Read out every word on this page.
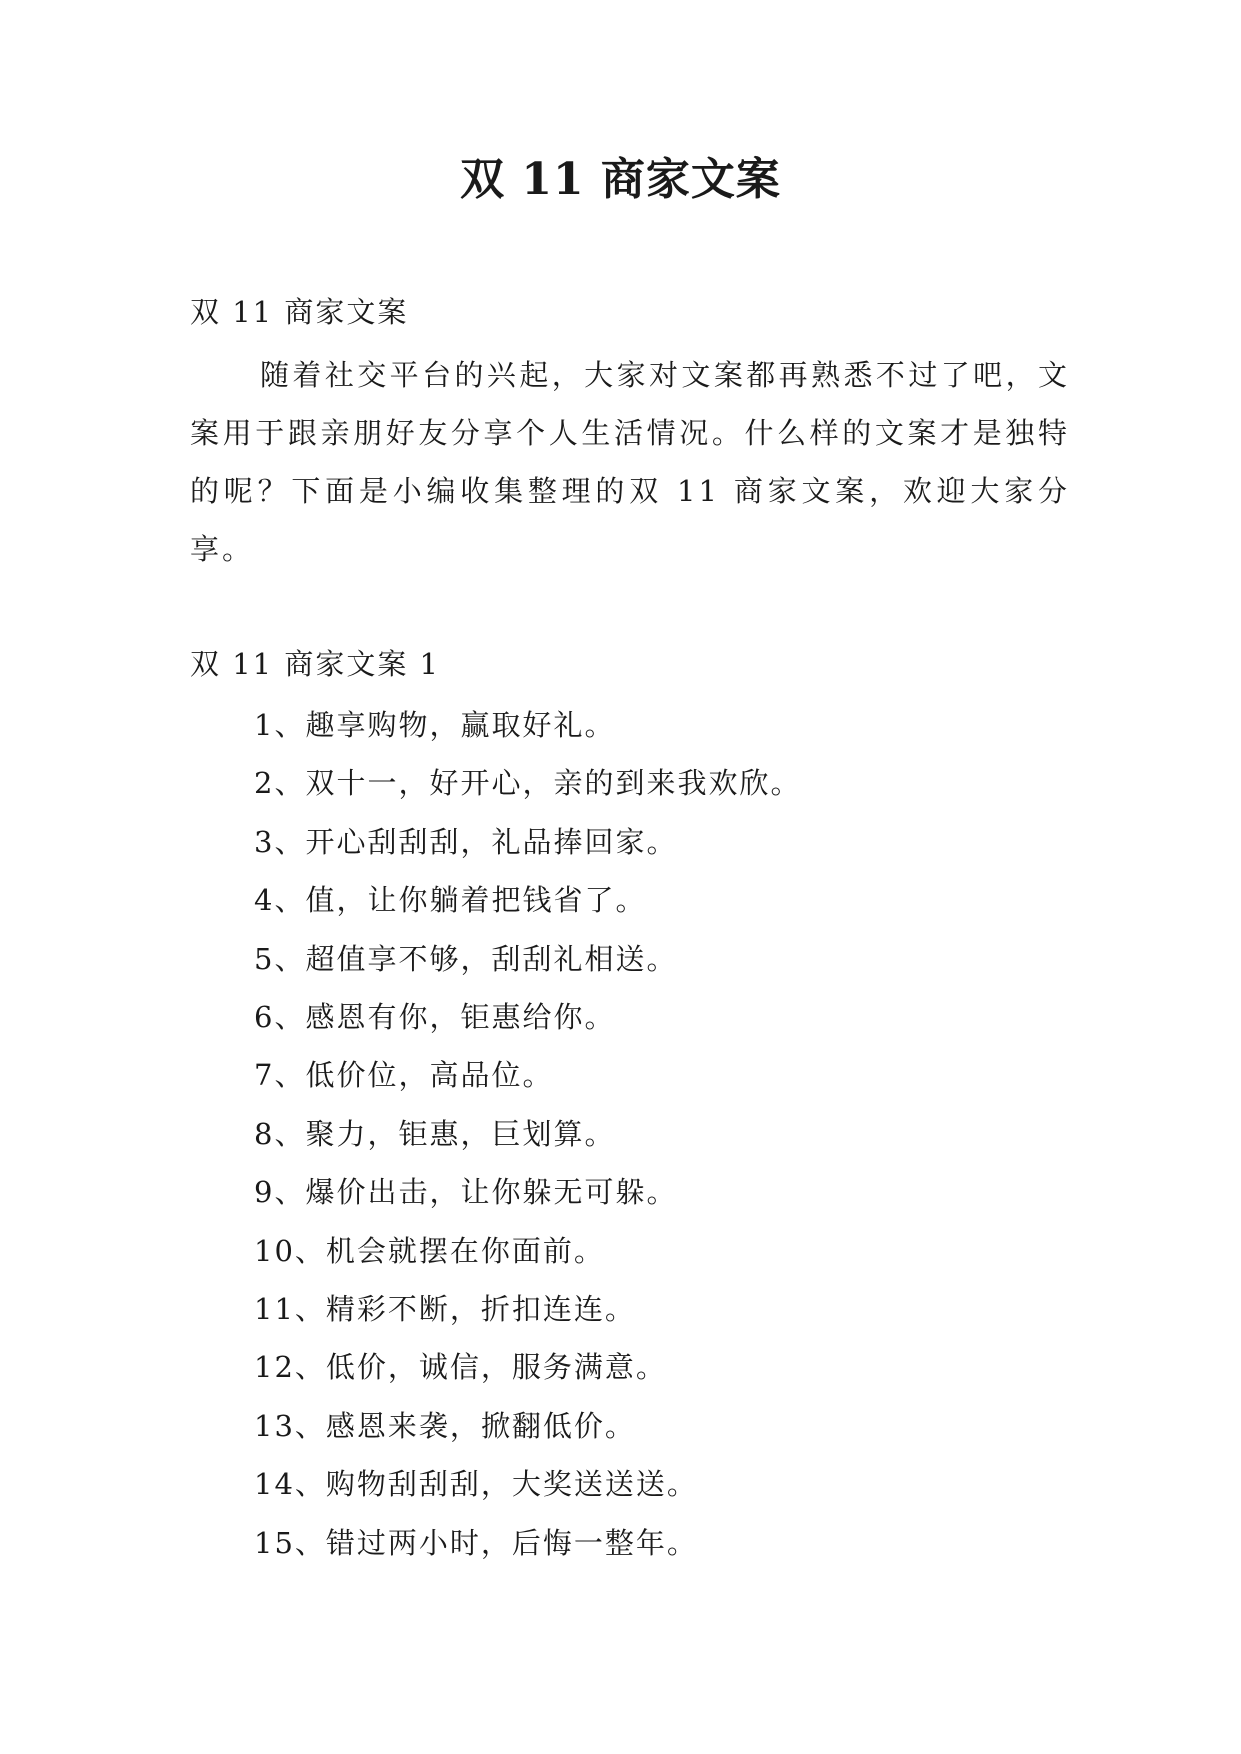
双 11 商家文案
双 11 商家文案

随着社交平台的兴起，大家对文案都再熟悉不过了吧，文案用于跟亲朋好友分享个人生活情况。什么样的文案才是独特的呢？下面是小编收集整理的双 11 商家文案，欢迎大家分享。

双 11 商家文案 1
1、趣享购物，赢取好礼。
2、双十一，好开心，亲的到来我欢欣。
3、开心刮刮刮，礼品捧回家。
4、值，让你躺着把钱省了。
5、超值享不够，刮刮礼相送。
6、感恩有你，钜惠给你。
7、低价位，高品位。
8、聚力，钜惠，巨划算。
9、爆价出击，让你躲无可躲。
10、机会就摆在你面前。
11、精彩不断，折扣连连。
12、低价，诚信，服务满意。
13、感恩来袭，掀翻低价。
14、购物刮刮刮，大奖送送送。
15、错过两小时，后悔一整年。
